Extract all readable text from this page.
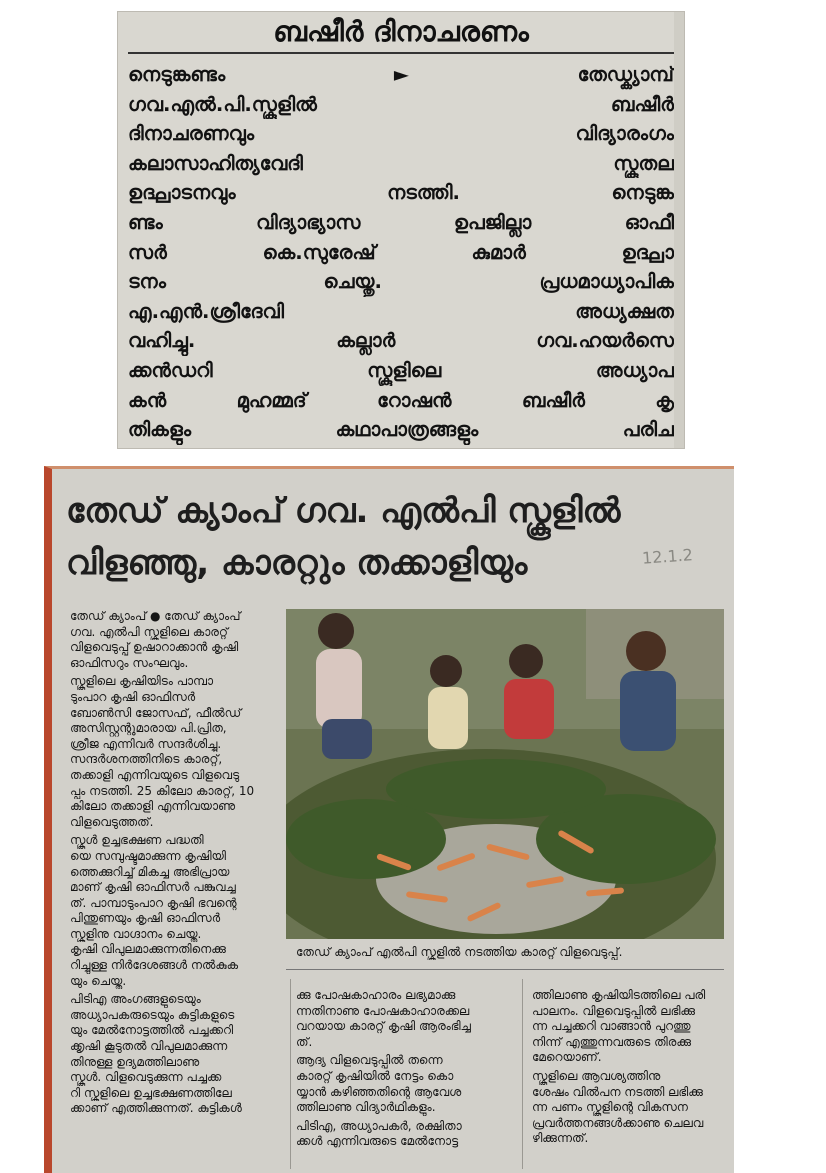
ബഷീർ ദിനാചരണം
നെടുങ്കണ്ടം ► തേഡ്ക്യാമ്പ്
ഗവ.എൽ.പി.സ്കൂളിൽ ബഷീർ
ദിനാചരണവും വിദ്യാരംഗം
കലാസാഹിത്യവേദി സ്കൂതല
ഉദ്ഘാടനവും നടത്തി. നെടുങ്ക
ണ്ടം വിദ്യാഭ്യാസ ഉപജില്ലാ ഓഫീ
സർ കെ.സുരേഷ് കുമാർ ഉദ്ഘാ
ടനം ചെയ്തു. പ്രധമാധ്യാപിക
എ.എൻ.ശ്രീദേവി അധ്യക്ഷത
വഹിച്ചു. കല്ലാർ ഗവ.ഹയർസെ
ക്കൻഡറി സ്കൂളിലെ അധ്യാപ
കൻ മുഹമ്മദ് റോഷൻ ബഷീർ കൃ
തികളും കഥാപാത്രങ്ങളും പരിച
തേഡ് ക്യാംപ് ഗവ. എൽപി സ്കൂളിൽ
വിളഞ്ഞു, കാരറ്റും തക്കാളിയും	12.1.2
തേഡ് ക്യാംപ് ● തേഡ് ക്യാംപ്
ഗവ. എൽപി സ്കൂളിലെ കാരറ്റ്
വിളവെടുപ്പ് ഉഷാറാക്കാൻ കൃഷി
ഓഫിസറും സംഘവും.
സ്കൂളിലെ കൃഷിയിടം പാമ്പാ
ടുംപാറ കൃഷി ഓഫിസർ
ബോൺസി ജോസഫ്, ഫീൽഡ്
അസിസ്റ്റന്റുമാരായ പി.പ്രിത,
ശ്രീജ എന്നിവർ സന്ദർശിച്ചു.
സന്ദർശനത്തിനിടെ കാരറ്റ്,
തക്കാളി എന്നിവയുടെ വിളവെടു
പ്പും നടത്തി. 25 കിലോ കാരറ്റ്, 10
കിലോ തക്കാളി എന്നിവയാണു
വിളവെടുത്തത്.
സ്കൂൾ ഉച്ചഭക്ഷണ പദ്ധതി
യെ സമ്പുഷ്ടമാക്കുന്ന കൃഷിയി
ത്തെക്കുറിച്ച് മികച്ച അഭിപ്രായ
മാണ് കൃഷി ഓഫിസർ പങ്കുവച്ച
ത്. പാമ്പാടുംപാറ കൃഷി ഭവന്റെ
പിന്തുണയും കൃഷി ഓഫിസർ
സ്കൂളിനു വാഗ്ദാനം ചെയ്തു.
കൃഷി വിപുലമാക്കുന്നതിനെക്കു
റിച്ചുള്ള നിർദേശങ്ങൾ നൽകുക
യും ചെയ്തു.
പിടിഎ അംഗങ്ങളുടെയും
അധ്യാപകരുടെയും കുട്ടികളുടെ
യും മേൽനോട്ടത്തിൽ പച്ചക്കറി
ക്കൃഷി കൂടുതൽ വിപുലമാക്കുന്ന
തിനുള്ള ഉദ്യമത്തിലാണു
സ്കൂൾ. വിളവെടുക്കുന്ന പച്ചക്ക
റി സ്കൂളിലെ ഉച്ചഭക്ഷണത്തിലേ
ക്കാണ് എത്തിക്കുന്നത്. കുട്ടികൾ
തേഡ് ക്യാംപ് എൽപി സ്കൂളിൽ നടത്തിയ കാരറ്റ് വിളവെടുപ്പ്.
ക്കു പോഷകാഹാരം ലഭ്യമാക്കു
ന്നതിനാണു പോഷകാഹാരക്കല
വറയായ കാരറ്റ് കൃഷി ആരംഭിച്ച
ത്.
ആദ്യ വിളവെടുപ്പിൽ തന്നെ
കാരറ്റ് കൃഷിയിൽ നേട്ടം കൊ
യ്യാൻ കഴിഞ്ഞതിന്റെ ആവേശ
ത്തിലാണു വിദ്യാർഥികളും.
പിടിഎ, അധ്യാപകർ, രക്ഷിതാ
ക്കൾ എന്നിവരുടെ മേൽനോട്ട
ത്തിലാണു കൃഷിയിടത്തിലെ പരി
പാലനം. വിളവെടുപ്പിൽ ലഭിക്കു
ന്ന പച്ചക്കറി വാങ്ങാൻ പുറത്തു
നിന്ന് എത്തുന്നവരുടെ തിരക്കു
മേറെയാണ്.
സ്കൂളിലെ ആവശ്യത്തിനു
ശേഷം വിൽപന നടത്തി ലഭിക്കു
ന്ന പണം സ്കൂളിന്റെ വികസന
പ്രവർത്തനങ്ങൾക്കാണു ചെലവ
ഴിക്കുന്നത്.
